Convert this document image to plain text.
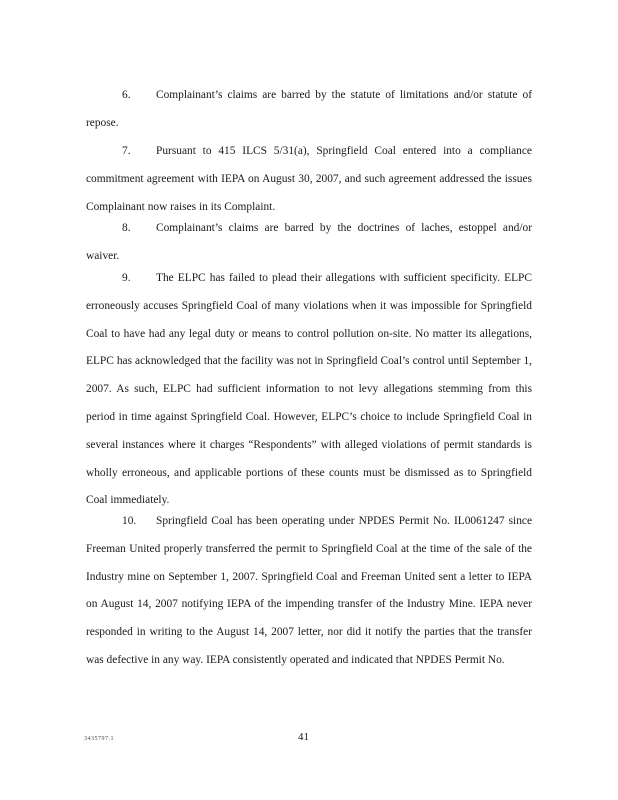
6. Complainant’s claims are barred by the statute of limitations and/or statute of repose.

7. Pursuant to 415 ILCS 5/31(a), Springfield Coal entered into a compliance commitment agreement with IEPA on August 30, 2007, and such agreement addressed the issues Complainant now raises in its Complaint.

8. Complainant’s claims are barred by the doctrines of laches, estoppel and/or waiver.

9. The ELPC has failed to plead their allegations with sufficient specificity. ELPC erroneously accuses Springfield Coal of many violations when it was impossible for Springfield Coal to have had any legal duty or means to control pollution on-site. No matter its allegations, ELPC has acknowledged that the facility was not in Springfield Coal’s control until September 1, 2007. As such, ELPC had sufficient information to not levy allegations stemming from this period in time against Springfield Coal. However, ELPC’s choice to include Springfield Coal in several instances where it charges “Respondents” with alleged violations of permit standards is wholly erroneous, and applicable portions of these counts must be dismissed as to Springfield Coal immediately.

10. Springfield Coal has been operating under NPDES Permit No. IL0061247 since Freeman United properly transferred the permit to Springfield Coal at the time of the sale of the Industry mine on September 1, 2007. Springfield Coal and Freeman United sent a letter to IEPA on August 14, 2007 notifying IEPA of the impending transfer of the Industry Mine. IEPA never responded in writing to the August 14, 2007 letter, nor did it notify the parties that the transfer was defective in any way. IEPA consistently operated and indicated that NPDES Permit No.

3435797.1	41
